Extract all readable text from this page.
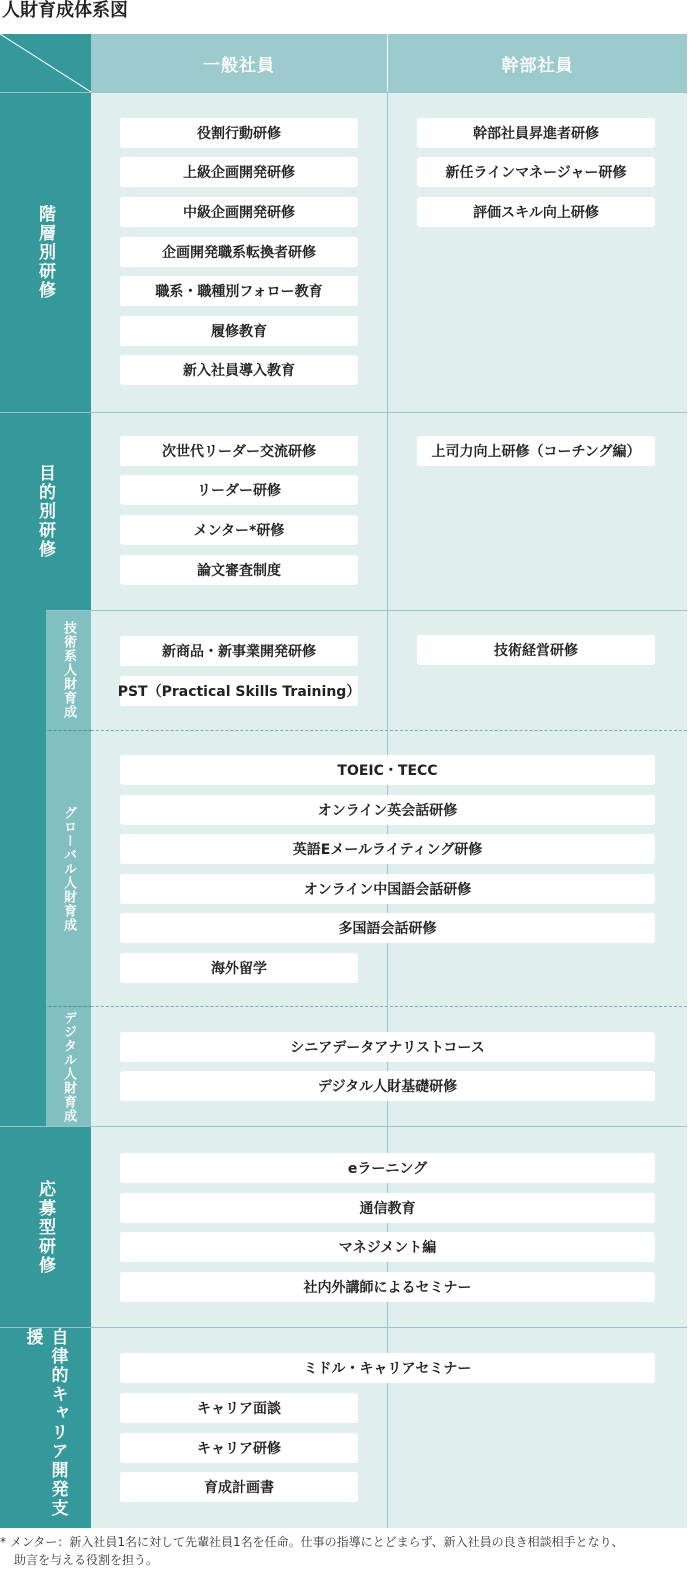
人財育成体系図
一般社員	幹部社員
階層別研修
目的別研修
技術系人財育成
グローバル人財育成
デジタル人財育成
応募型研修
自律的キャリア開発支援
役割行動研修
上級企画開発研修
中級企画開発研修
企画開発職系転換者研修
職系・職種別フォロー教育
履修教育
新入社員導入教育
幹部社員昇進者研修
新任ラインマネージャー研修
評価スキル向上研修
次世代リーダー交流研修
リーダー研修
メンター*研修
論文審査制度
上司力向上研修（コーチング編）
新商品・新事業開発研修
PST（Practical Skills Training）
技術経営研修
TOEIC・TECC
オンライン英会話研修
英語Eメールライティング研修
オンライン中国語会話研修
多国語会話研修
海外留学
シニアデータアナリストコース
デジタル人財基礎研修
eラーニング
通信教育
マネジメント編
社内外講師によるセミナー
ミドル・キャリアセミナー
キャリア面談
キャリア研修
育成計画書
* メンター：新入社員1名に対して先輩社員1名を任命。仕事の指導にとどまらず、新入社員の良き相談相手となり、
助言を与える役割を担う。
